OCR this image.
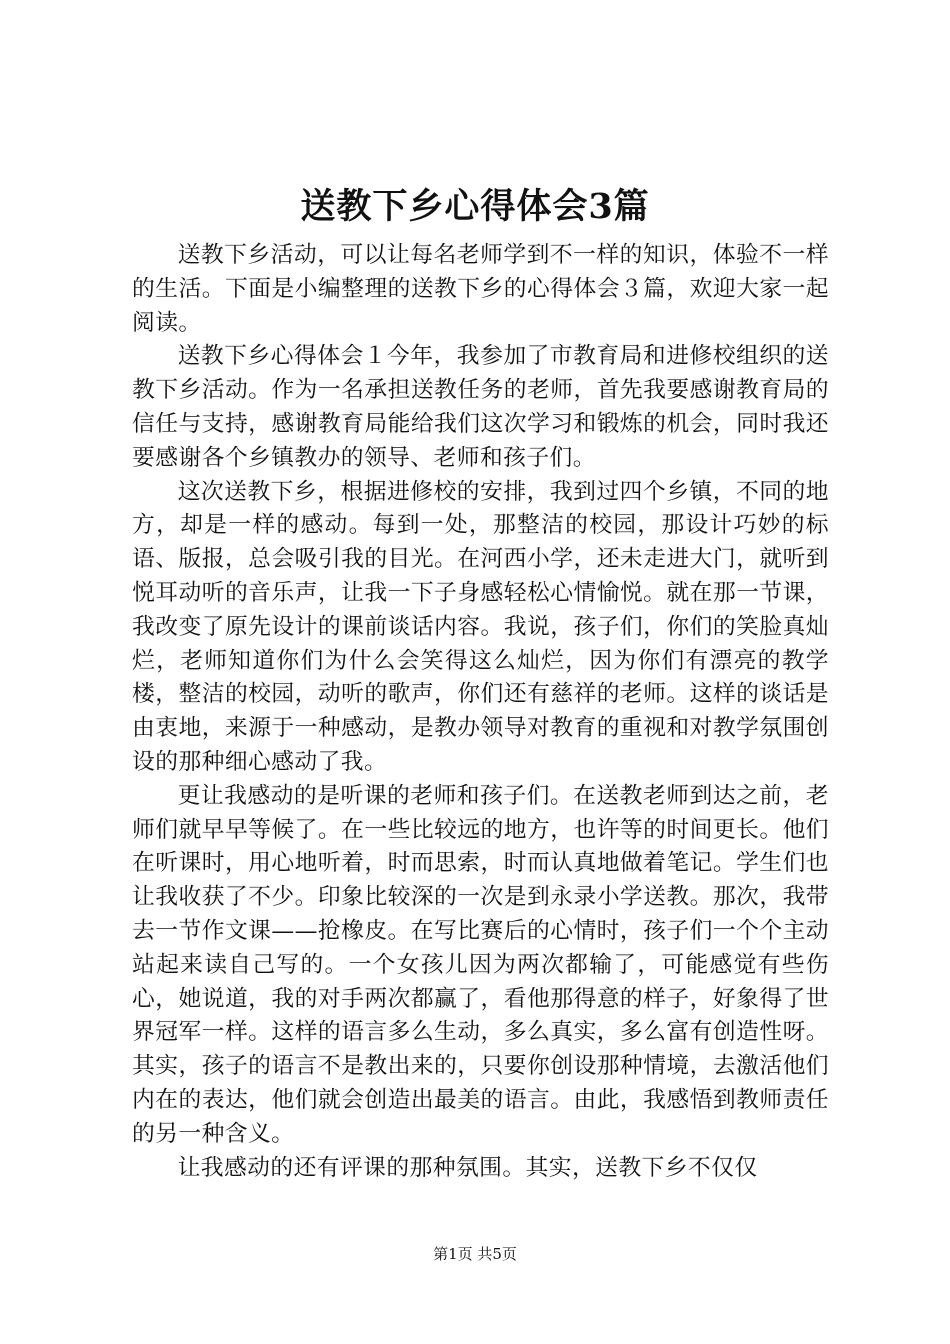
送教下乡心得体会3篇

送教下乡活动，可以让每名老师学到不一样的知识，体验不一样的生活。下面是小编整理的送教下乡的心得体会３篇，欢迎大家一起阅读。

送教下乡心得体会１今年，我参加了市教育局和进修校组织的送教下乡活动。作为一名承担送教任务的老师，首先我要感谢教育局的信任与支持，感谢教育局能给我们这次学习和锻炼的机会，同时我还要感谢各个乡镇教办的领导、老师和孩子们。

这次送教下乡，根据进修校的安排，我到过四个乡镇，不同的地方，却是一样的感动。每到一处，那整洁的校园，那设计巧妙的标语、版报，总会吸引我的目光。在河西小学，还未走进大门，就听到悦耳动听的音乐声，让我一下子身感轻松心情愉悦。就在那一节课，我改变了原先设计的课前谈话内容。我说，孩子们，你们的笑脸真灿烂，老师知道你们为什么会笑得这么灿烂，因为你们有漂亮的教学楼，整洁的校园，动听的歌声，你们还有慈祥的老师。这样的谈话是由衷地，来源于一种感动，是教办领导对教育的重视和对教学氛围创设的那种细心感动了我。

更让我感动的是听课的老师和孩子们。在送教老师到达之前，老师们就早早等候了。在一些比较远的地方，也许等的时间更长。他们在听课时，用心地听着，时而思索，时而认真地做着笔记。学生们也让我收获了不少。印象比较深的一次是到永录小学送教。那次，我带去一节作文课——抢橡皮。在写比赛后的心情时，孩子们一个个主动站起来读自己写的。一个女孩儿因为两次都输了，可能感觉有些伤心，她说道，我的对手两次都赢了，看他那得意的样子，好象得了世界冠军一样。这样的语言多么生动，多么真实，多么富有创造性呀。其实，孩子的语言不是教出来的，只要你创设那种情境，去激活他们内在的表达，他们就会创造出最美的语言。由此，我感悟到教师责任的另一种含义。

让我感动的还有评课的那种氛围。其实，送教下乡不仅仅

第1页 共5页
